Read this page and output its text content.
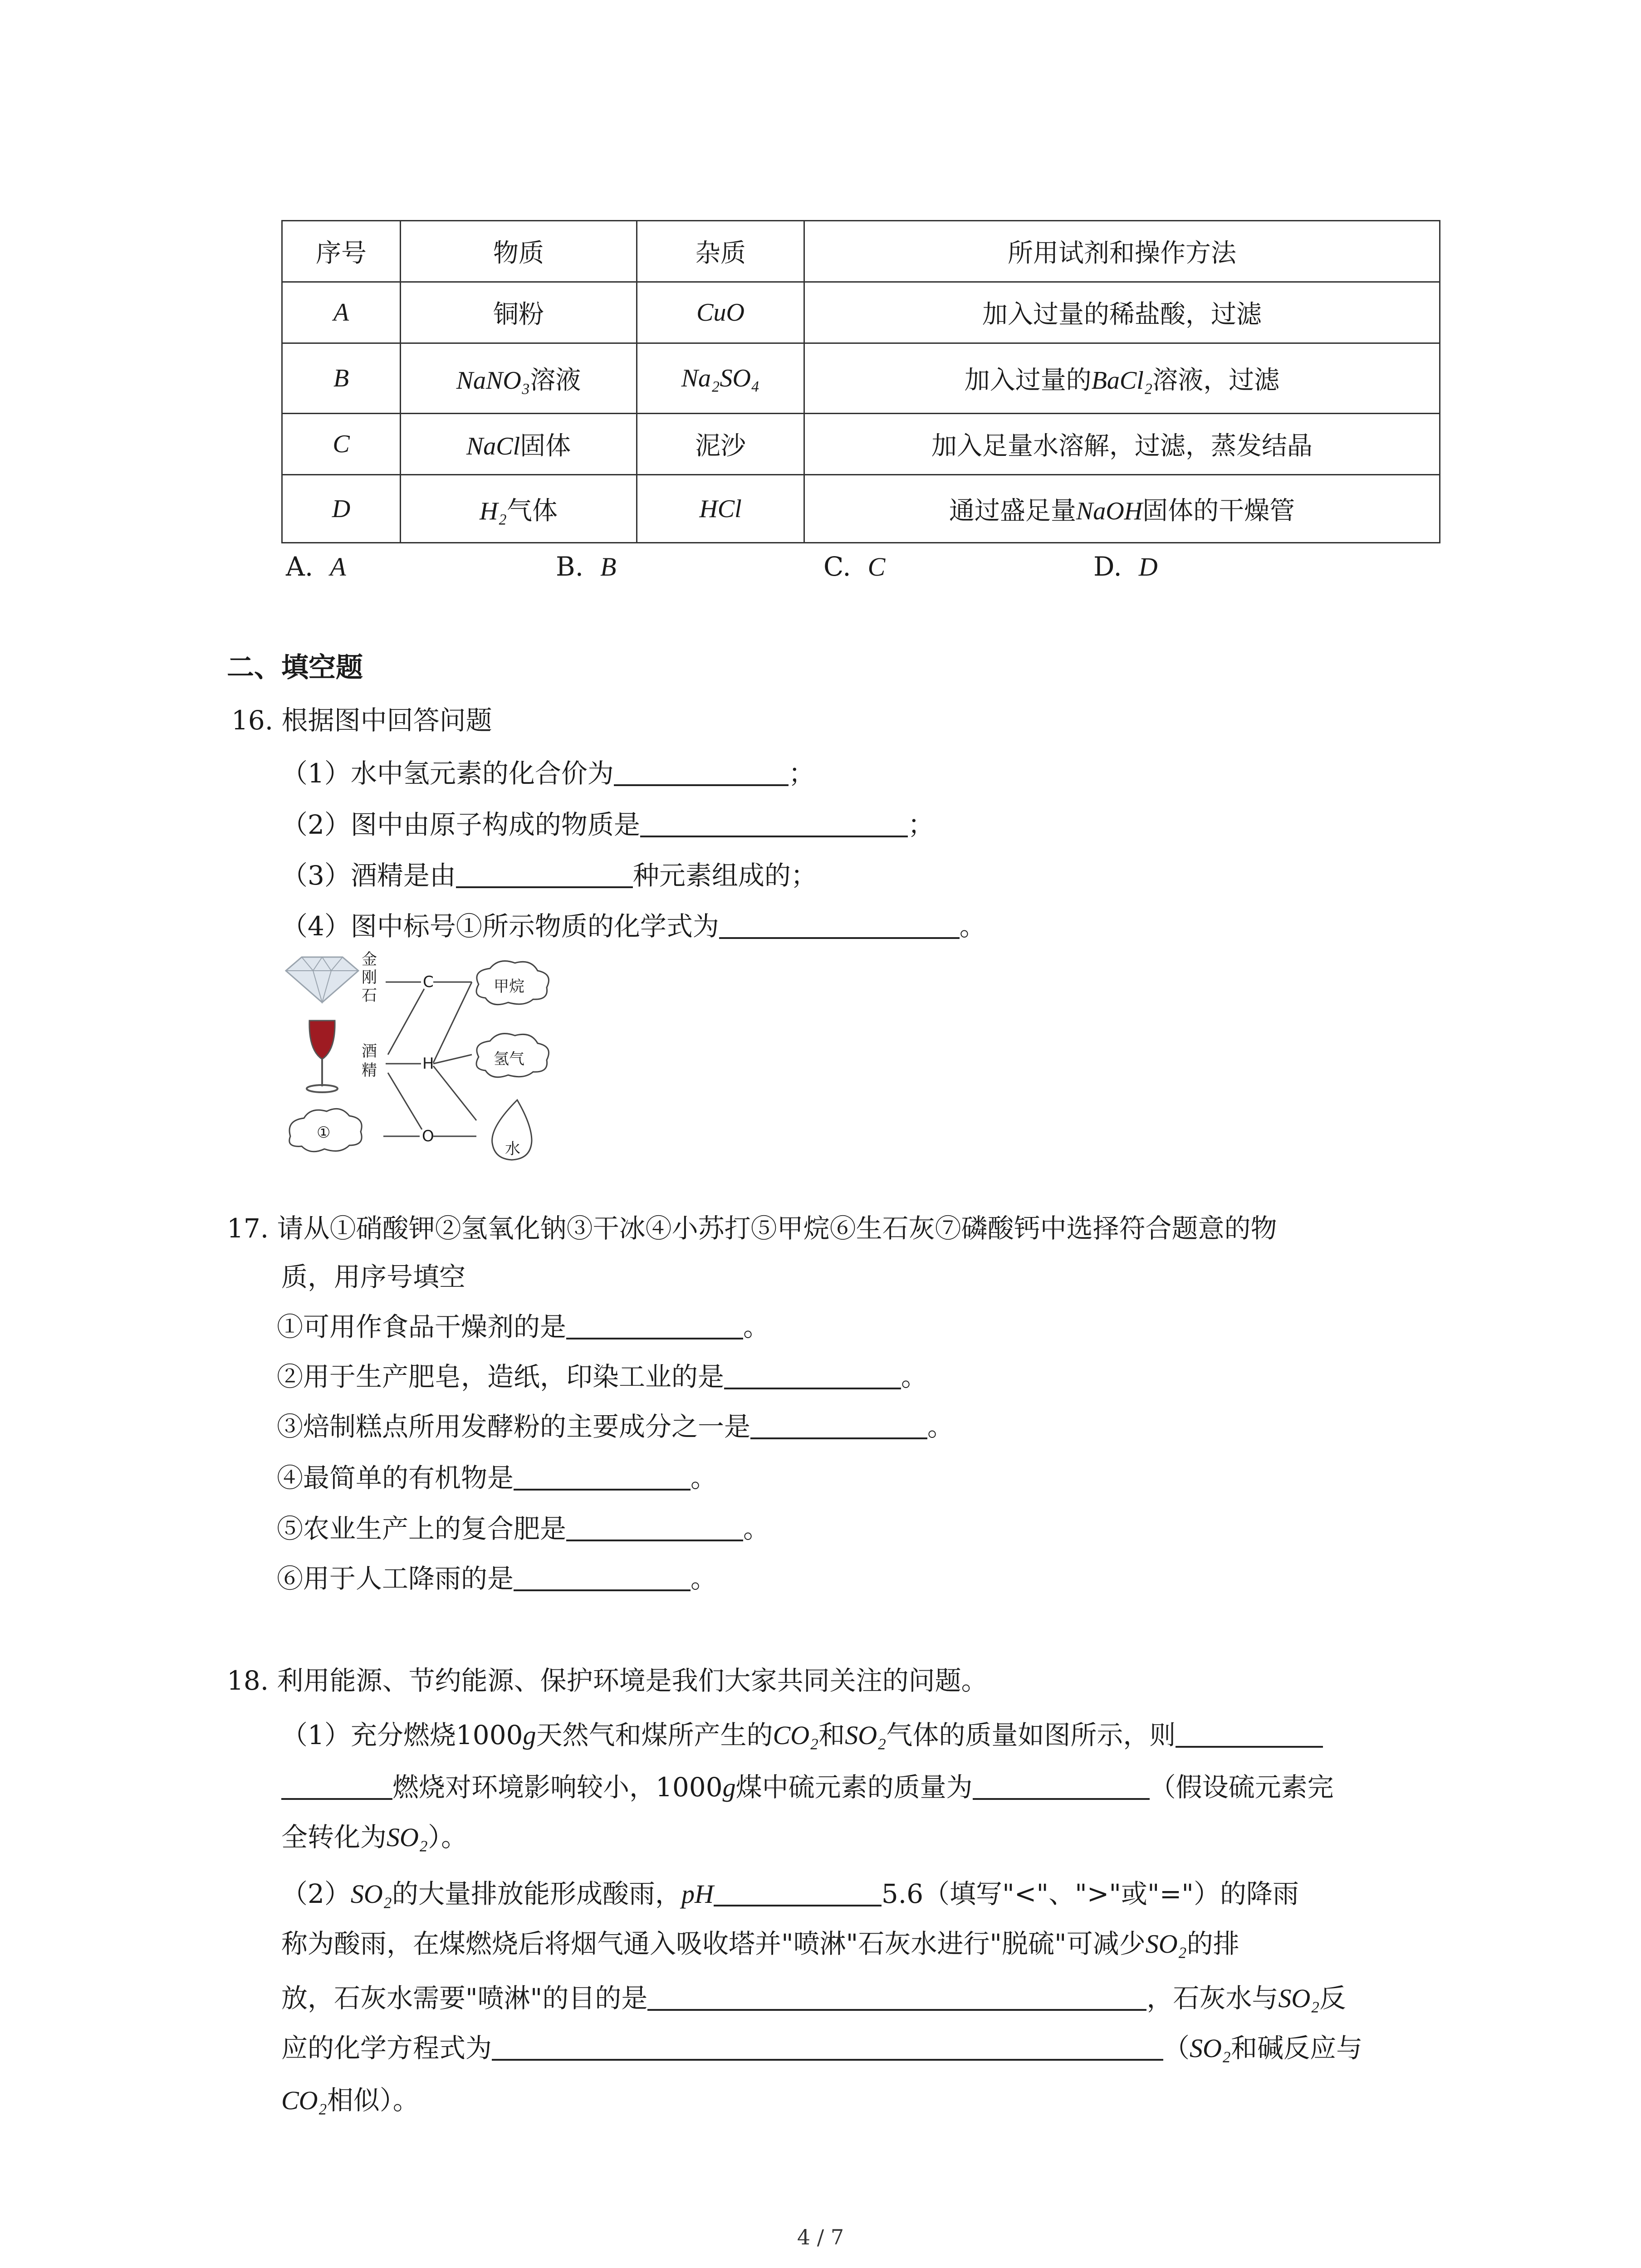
序号	物质	杂质	所用试剂和操作方法
A	铜粉	CuO	加入过量的稀盐酸，过滤
B	NaNO₃溶液	Na₂SO₄	加入过量的BaCl₂溶液，过滤
C	NaCl固体	泥沙	加入足量水溶解，过滤，蒸发结晶
D	H₂气体	HCl	通过盛足量NaOH固体的干燥管
A. A	B. B	C. C	D. D
二、填空题
16. 根据图中回答问题
（1）水中氢元素的化合价为	；
（2）图中由原子构成的物质是	；
（3）酒精是由	种元素组成的；
（4）图中标号①所示物质的化学式为	。
金
刚
石
酒
精
C
H
O
甲烷
氢气
水
①
17. 请从①硝酸钾②氢氧化钠③干冰④小苏打⑤甲烷⑥生石灰⑦磷酸钙中选择符合题意的物
质，用序号填空
①可用作食品干燥剂的是	。
②用于生产肥皂，造纸，印染工业的是	。
③焙制糕点所用发酵粉的主要成分之一是	。
④最简单的有机物是	。
⑤农业生产上的复合肥是	。
⑥用于人工降雨的是	。
18. 利用能源、节约能源、保护环境是我们大家共同关注的问题。
（1）充分燃烧1000g天然气和煤所产生的CO₂和SO₂气体的质量如图所示，则
燃烧对环境影响较小，1000g煤中硫元素的质量为	（假设硫元素完
全转化为SO₂）。
（2）SO₂的大量排放能形成酸雨，pH	5.6（填写"<"、">"或"="）的降雨
称为酸雨，在煤燃烧后将烟气通入吸收塔并"喷淋"石灰水进行"脱硫"可减少SO₂的排
放，石灰水需要"喷淋"的目的是	，石灰水与SO₂反
应的化学方程式为	（SO₂和碱反应与
CO₂相似）。
4 / 7
